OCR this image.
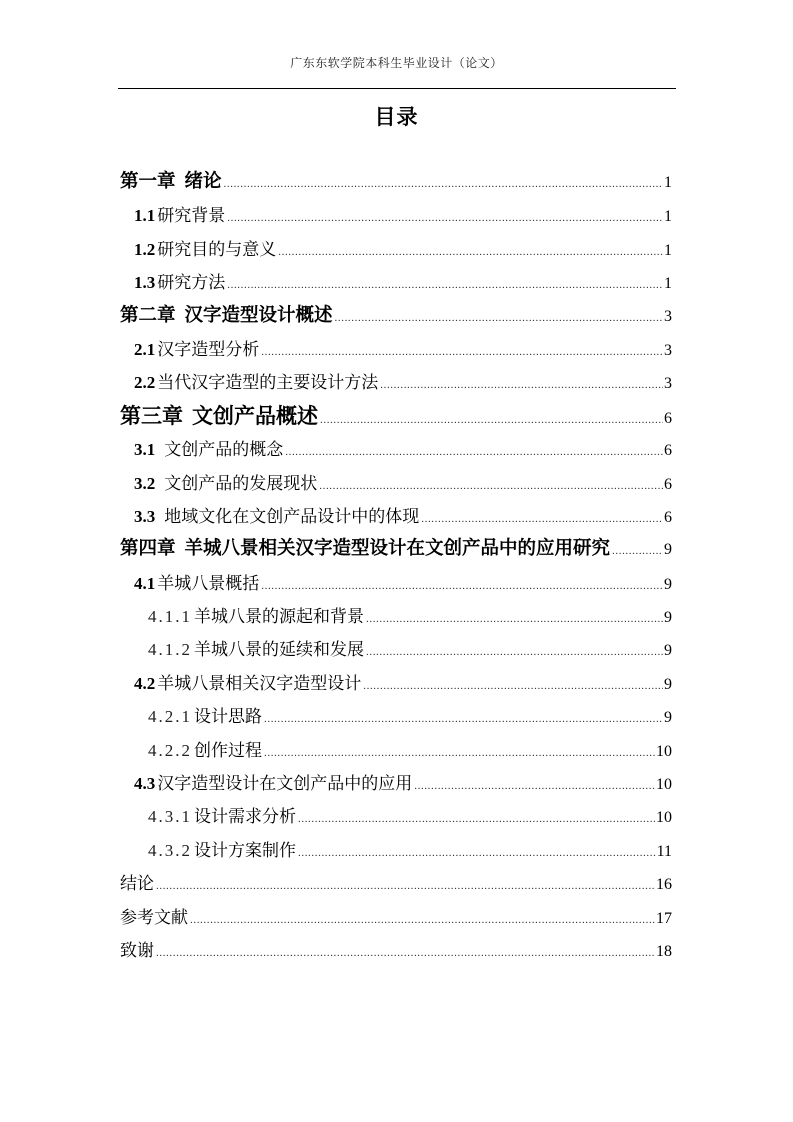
广东东软学院本科生毕业设计（论文）
目录
第一章 绪论 .....	1
1.1 研究背景 .....	1
1.2 研究目的与意义 .....	1
1.3 研究方法 .....	1
第二章 汉字造型设计概述 .....	3
2.1 汉字造型分析 .....	3
2.2 当代汉字造型的主要设计方法 .....	3
第三章 文创产品概述 .....	6
3.1 文创产品的概念 .....	6
3.2 文创产品的发展现状 .....	6
3.3 地域文化在文创产品设计中的体现 .....	6
第四章 羊城八景相关汉字造型设计在文创产品中的应用研究 .....	9
4.1 羊城八景概括 .....	9
4.1.1 羊城八景的源起和背景 .....	9
4.1.2 羊城八景的延续和发展 .....	9
4.2 羊城八景相关汉字造型设计 .....	9
4.2.1 设计思路 .....	9
4.2.2 创作过程 .....	10
4.3 汉字造型设计在文创产品中的应用 .....	10
4.3.1 设计需求分析 .....	10
4.3.2 设计方案制作 .....	11
结论 .....	16
参考文献 .....	17
致谢 .....	18
